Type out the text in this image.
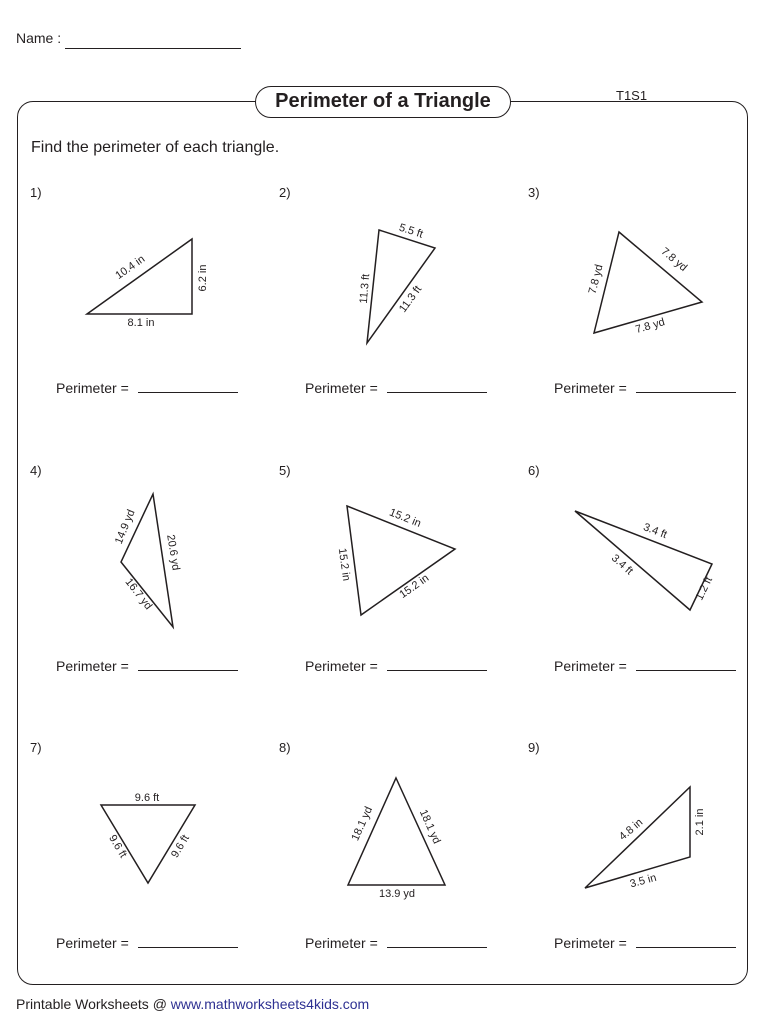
Name :
T1S1
Perimeter of a Triangle
Find the perimeter of each triangle.
1)	2)	3)
4)	5)	6)
7)	8)	9)
10.4 in	6.2 in
8.1 in
5.5 ft
11.3 ft 11.3 ft
7.8 yd
7.8 yd
7.8 yd
14.9 yd
20.6 yd
16.7 yd
15.2 in
15.2 in
15.2 in
3.4 ft
3.4 ft
1.2 ft
9.6 ft
9.6 ft	9.6 ft
18.1 yd	18.1 yd
13.9 yd
4.8 in	2.1 in
3.5 in
Perimeter =	Perimeter =	Perimeter =
Perimeter =	Perimeter =	Perimeter =
Perimeter =	Perimeter =	Perimeter =
Printable Worksheets @ www.mathworksheets4kids.com
